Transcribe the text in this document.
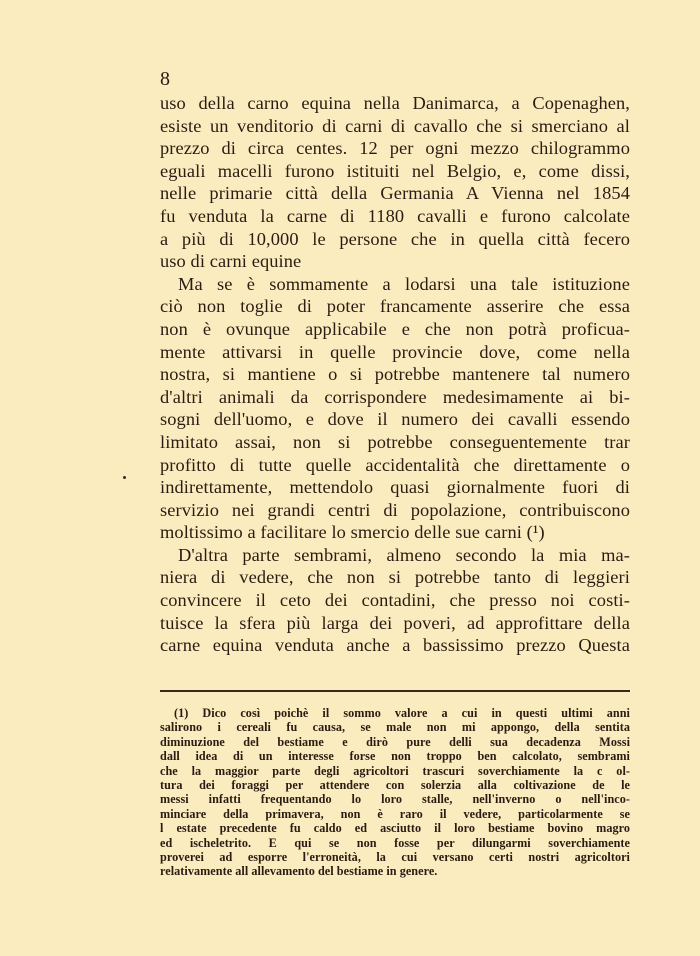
8
uso della carno equina nella Danimarca, a Copenaghen,
esiste un venditorio di carni di cavallo che si smerciano al
prezzo di circa centes. 12 per ogni mezzo chilogrammo
eguali macelli furono istituiti nel Belgio, e, come dissi,
nelle primarie città della Germania A Vienna nel 1854
fu venduta la carne di 1180 cavalli e furono calcolate
a più di 10,000 le persone che in quella città fecero
uso di carni equine
Ma se è sommamente a lodarsi una tale istituzione
ciò non toglie di poter francamente asserire che essa
non è ovunque applicabile e che non potrà proficua-
mente attivarsi in quelle provincie dove, come nella
nostra, si mantiene o si potrebbe mantenere tal numero
d'altri animali da corrispondere medesimamente ai bi-
sogni dell'uomo, e dove il numero dei cavalli essendo
limitato assai, non si potrebbe conseguentemente trar
profitto di tutte quelle accidentalità che direttamente o
indirettamente, mettendolo quasi giornalmente fuori di
servizio nei grandi centri di popolazione, contribuiscono
moltissimo a facilitare lo smercio delle sue carni (¹)
D'altra parte sembrami, almeno secondo la mia ma-
niera di vedere, che non si potrebbe tanto di leggieri
convincere il ceto dei contadini, che presso noi costi-
tuisce la sfera più larga dei poveri, ad approfittare della
carne equina venduta anche a bassissimo prezzo Questa
(1) Dico così poichè il sommo valore a cui in questi ultimi anni
salirono i cereali fu causa, se male non mi appongo, della sentita
diminuzione del bestiame e dirò pure delli sua decadenza Mossi
dall idea di un interesse forse non troppo ben calcolato, sembrami
che la maggior parte degli agricoltori trascuri soverchiamente la c ol-
tura dei foraggi per attendere con solerzia alla coltivazione de le
messi infatti frequentando lo loro stalle, nell'inverno o nell'inco-
minciare della primavera, non è raro il vedere, particolarmente se
l estate precedente fu caldo ed asciutto il loro bestiame bovino magro
ed ischeletrito. E qui se non fosse per dilungarmi soverchiamente
proverei ad esporre l'erroneità, la cui versano certi nostri agricoltori
relativamente all allevamento del bestiame in genere.
